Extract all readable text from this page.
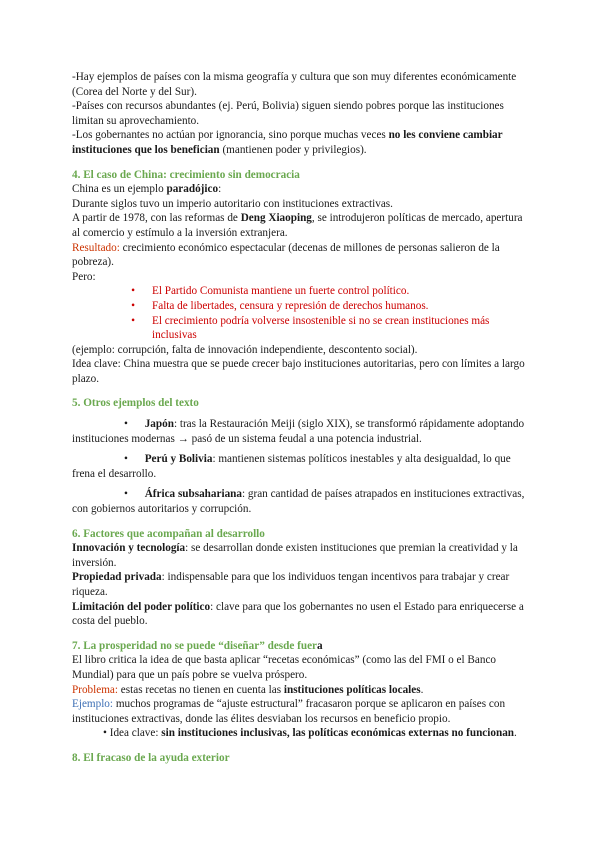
-Hay ejemplos de países con la misma geografía y cultura que son muy diferentes económicamente (Corea del Norte y del Sur).

-Países con recursos abundantes (ej. Perú, Bolivia) siguen siendo pobres porque las instituciones limitan su aprovechamiento.

-Los gobernantes no actúan por ignorancia, sino porque muchas veces no les conviene cambiar instituciones que los benefician (mantienen poder y privilegios).

4. El caso de China: crecimiento sin democracia

China es un ejemplo paradójico:

Durante siglos tuvo un imperio autoritario con instituciones extractivas.

A partir de 1978, con las reformas de Deng Xiaoping, se introdujeron políticas de mercado, apertura al comercio y estímulo a la inversión extranjera.

Resultado: crecimiento económico espectacular (decenas de millones de personas salieron de la pobreza).

Pero:

•	El Partido Comunista mantiene un fuerte control político.
•	Falta de libertades, censura y represión de derechos humanos.
•	El crecimiento podría volverse insostenible si no se crean instituciones más inclusivas

(ejemplo: corrupción, falta de innovación independiente, descontento social).

Idea clave: China muestra que se puede crecer bajo instituciones autoritarias, pero con límites a largo plazo.

5. Otros ejemplos del texto

• Japón: tras la Restauración Meiji (siglo XIX), se transformó rápidamente adoptando instituciones modernas → pasó de un sistema feudal a una potencia industrial.

• Perú y Bolivia: mantienen sistemas políticos inestables y alta desigualdad, lo que frena el desarrollo.

• África subsahariana: gran cantidad de países atrapados en instituciones extractivas, con gobiernos autoritarios y corrupción.

6. Factores que acompañan al desarrollo

Innovación y tecnología: se desarrollan donde existen instituciones que premian la creatividad y la inversión.

Propiedad privada: indispensable para que los individuos tengan incentivos para trabajar y crear riqueza.

Limitación del poder político: clave para que los gobernantes no usen el Estado para enriquecerse a costa del pueblo.

7. La prosperidad no se puede “diseñar” desde fuera

El libro critica la idea de que basta aplicar “recetas económicas” (como las del FMI o el Banco Mundial) para que un país pobre se vuelva próspero.

Problema: estas recetas no tienen en cuenta las instituciones políticas locales.

Ejemplo: muchos programas de “ajuste estructural” fracasaron porque se aplicaron en países con instituciones extractivas, donde las élites desviaban los recursos en beneficio propio.

• Idea clave: sin instituciones inclusivas, las políticas económicas externas no funcionan.

8. El fracaso de la ayuda exterior
